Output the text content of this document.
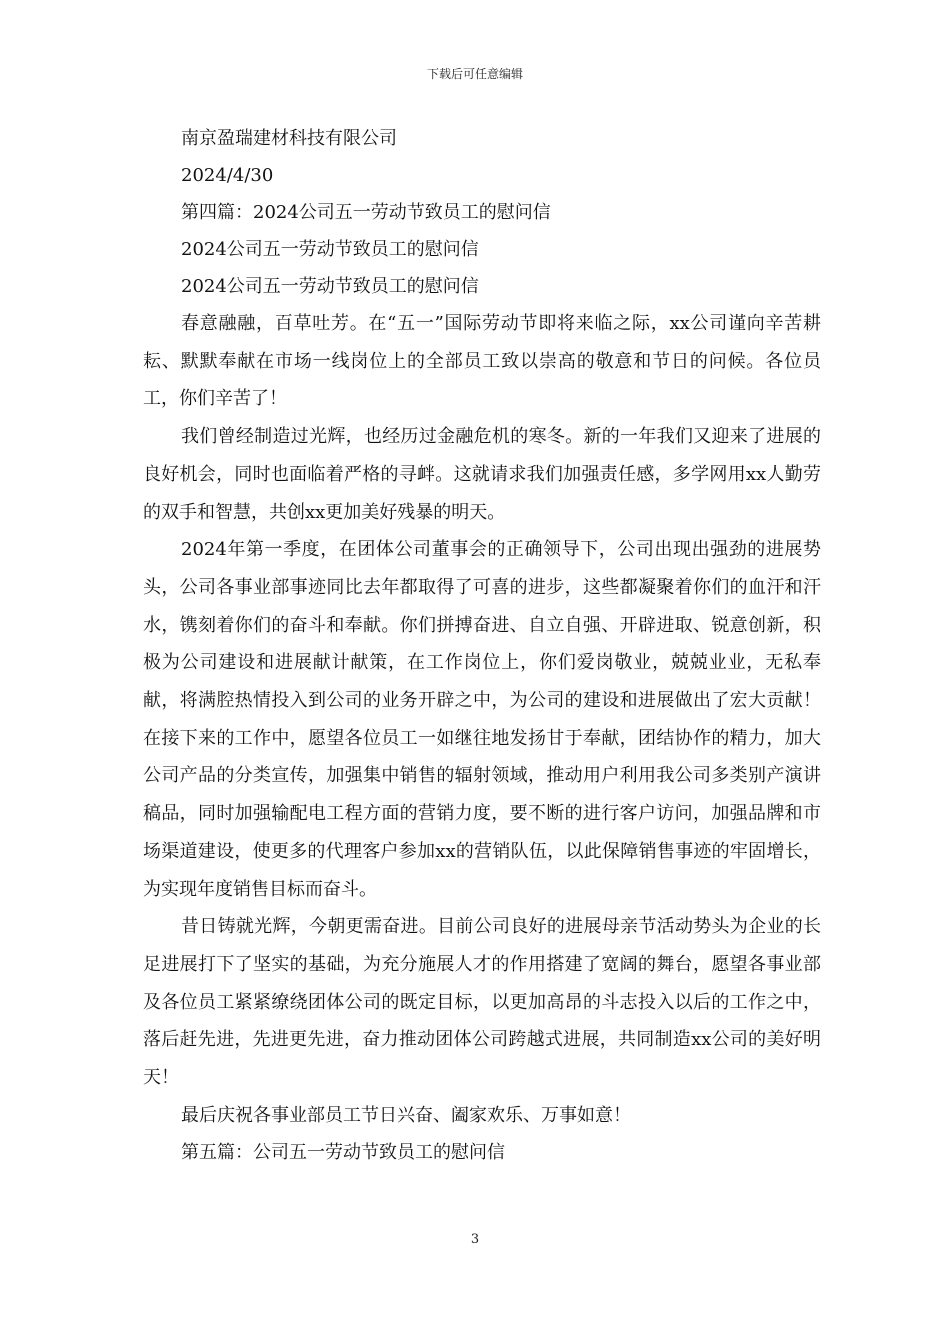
下载后可任意编辑
南京盈瑞建材科技有限公司
2024/4/30
第四篇：2024公司五一劳动节致员工的慰问信
2024公司五一劳动节致员工的慰问信
2024公司五一劳动节致员工的慰问信

春意融融，百草吐芳。在“五一”国际劳动节即将来临之际，xx公司谨向辛苦耕耘、默默奉献在市场一线岗位上的全部员工致以崇高的敬意和节日的问候。各位员工，你们辛苦了！

我们曾经制造过光辉，也经历过金融危机的寒冬。新的一年我们又迎来了进展的良好机会，同时也面临着严格的寻衅。这就请求我们加强责任感，多学网用xx人勤劳的双手和智慧，共创xx更加美好残暴的明天。

2024年第一季度，在团体公司董事会的正确领导下，公司出现出强劲的进展势头，公司各事业部事迹同比去年都取得了可喜的进步，这些都凝聚着你们的血汗和汗水，镌刻着你们的奋斗和奉献。你们拼搏奋进、自立自强、开辟进取、锐意创新，积极为公司建设和进展献计献策，在工作岗位上，你们爱岗敬业，兢兢业业，无私奉献，将满腔热情投入到公司的业务开辟之中，为公司的建设和进展做出了宏大贡献！在接下来的工作中，愿望各位员工一如继往地发扬甘于奉献，团结协作的精力，加大公司产品的分类宣传，加强集中销售的辐射领域，推动用户利用我公司多类别产演讲稿品，同时加强输配电工程方面的营销力度，要不断的进行客户访问，加强品牌和市场渠道建设，使更多的代理客户参加xx的营销队伍，以此保障销售事迹的牢固增长，为实现年度销售目标而奋斗。

昔日铸就光辉，今朝更需奋进。目前公司良好的进展母亲节活动势头为企业的长足进展打下了坚实的基础，为充分施展人才的作用搭建了宽阔的舞台，愿望各事业部及各位员工紧紧缭绕团体公司的既定目标，以更加高昂的斗志投入以后的工作之中，落后赶先进，先进更先进，奋力推动团体公司跨越式进展，共同制造xx公司的美好明天！

最后庆祝各事业部员工节日兴奋、阖家欢乐、万事如意！
第五篇：公司五一劳动节致员工的慰问信
3
